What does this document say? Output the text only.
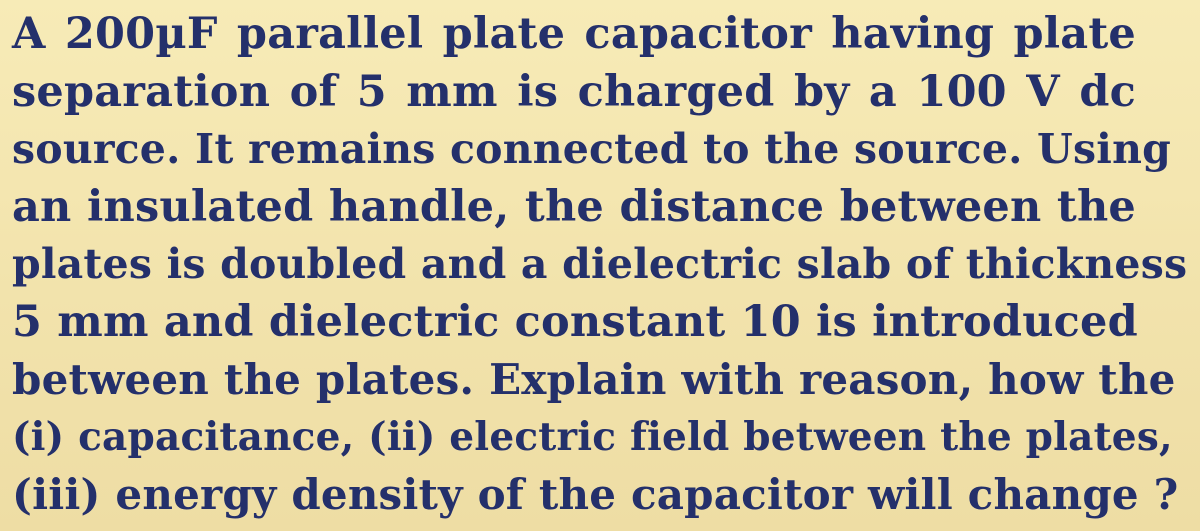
A 200µF parallel plate capacitor having plate
separation of 5 mm is charged by a 100 V dc
source. It remains connected to the source. Using
an insulated handle, the distance between the
plates is doubled and a dielectric slab of thickness
5 mm and dielectric constant 10 is introduced
between the plates. Explain with reason, how the
(i) capacitance, (ii) electric field between the plates,
(iii) energy density of the capacitor will change ?
